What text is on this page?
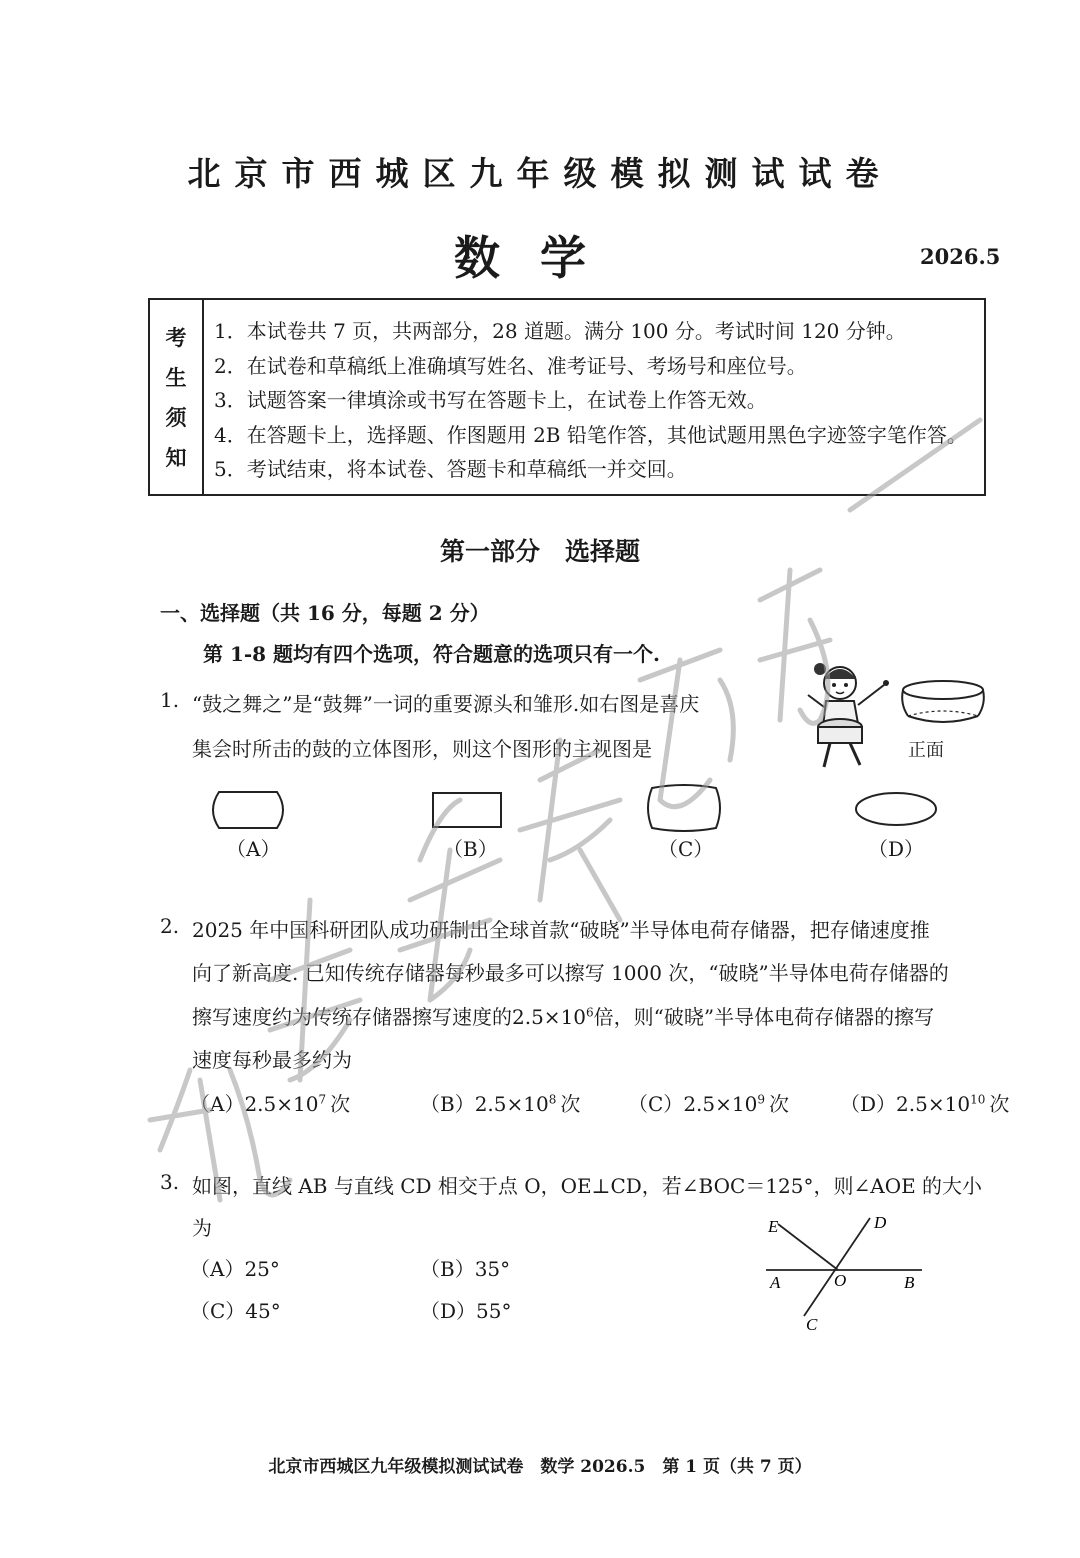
北京市西城区九年级模拟测试试卷
数学	2026.5
考
生
须
知
1．本试卷共 7 页，共两部分，28 道题。满分 100 分。考试时间 120 分钟。
2．在试卷和草稿纸上准确填写姓名、准考证号、考场号和座位号。
3．试题答案一律填涂或书写在答题卡上，在试卷上作答无效。
4．在答题卡上，选择题、作图题用 2B 铅笔作答，其他试题用黑色字迹签字笔作答。
5．考试结束，将本试卷、答题卡和草稿纸一并交回。
第一部分　选择题
一、选择题（共 16 分，每题 2 分）
第 1-8 题均有四个选项，符合题意的选项只有一个.
1. “鼓之舞之”是“鼓舞”一词的重要源头和雏形.如右图是喜庆
集会时所击的鼓的立体图形，则这个图形的主视图是	正面
（A）	（B）	（C）	（D）
2. 2025 年中国科研团队成功研制出全球首款“破晓”半导体电荷存储器，把存储速度推
向了新高度. 已知传统存储器每秒最多可以擦写 1000 次，“破晓”半导体电荷存储器的
擦写速度约为传统存储器擦写速度的$2.5\times 10^6$倍，则“破晓”半导体电荷存储器的擦写
速度每秒最多约为
$(A)2.5\times 10^7$ 次	$(B)2.5\times 10^8$ 次 $(C)2.5\times 10^9$ 次	$(D)2.5\times 10^{10}$ 次
3. 如图，直线 AB 与直线 CD 相交于点 O，OE⊥CD，若∠BOC＝125°，则∠AOE 的大小
为
（A）25°	（B）35°
（C）45°	（D）55°
E	D
A	O	B
C
北京市西城区九年级模拟测试试卷　数学 2026.5　第 1 页（共 7 页）
